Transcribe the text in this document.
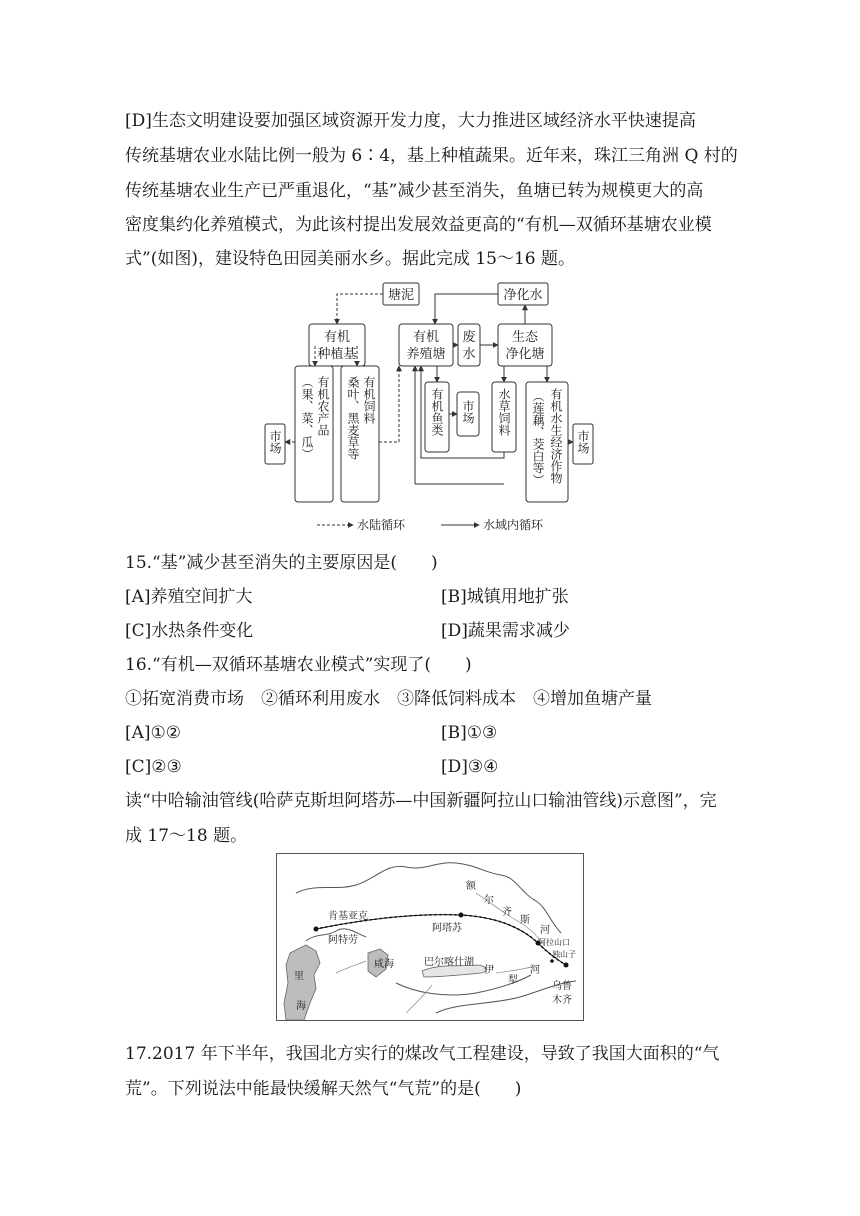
[D]生态文明建设要加强区域资源开发力度，大力推进区域经济水平快速提高
传统基塘农业水陆比例一般为 6∶4，基上种植蔬果。近年来，珠江三角洲 Q 村的
传统基塘农业生产已严重退化，“基”减少甚至消失，鱼塘已转为规模更大的高
密度集约化养殖模式，为此该村提出发展效益更高的“有机—双循环基塘农业模
式”(如图)，建设特色田园美丽水乡。据此完成 15～16 题。
塘泥	净化水
有机
种植基
有机
养殖塘
废
水
生态
净化塘
（果、菜、瓜） 有机农产品 桑叶、黑麦草等 有机饲料	有机鱼类 市场 水草饲料 （莲藕、茭白等） 有机水生经济作物
市场	市场
水陆循环	水域内循环
15.“基”减少甚至消失的主要原因是(　　)
[A]养殖空间扩大	[B]城镇用地扩张
[C]水热条件变化	[D]蔬果需求减少
16.“有机—双循环基塘农业模式”实现了(　　)
①拓宽消费市场　②循环利用废水　③降低饲料成本　④增加鱼塘产量
[A]①②	[B]①③
[C]②③	[D]③④
读“中哈输油管线(哈萨克斯坦阿塔苏—中国新疆阿拉山口输油管线)示意图”，完
成 17～18 题。
肯基亚克
阿特劳
阿塔苏
额
尔
齐
斯
河
巴尔喀什湖
伊
犁
河
咸海
里
海
乌鲁
木齐
阿拉山口
独山子
17.2017 年下半年，我国北方实行的煤改气工程建设，导致了我国大面积的“气
荒”。下列说法中能最快缓解天然气“气荒”的是(　　)
